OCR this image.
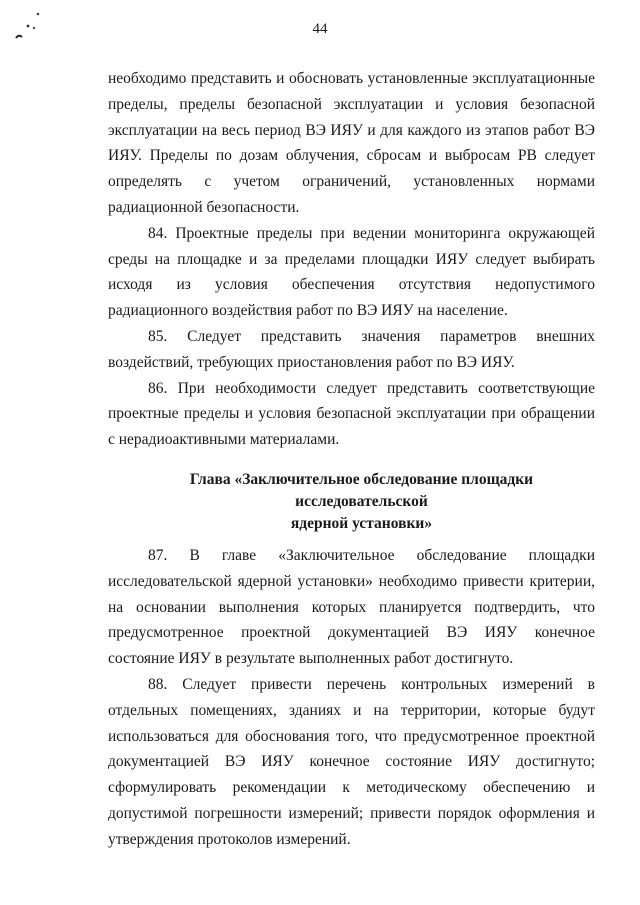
44

необходимо представить и обосновать установленные эксплуатационные пределы, пределы безопасной эксплуатации и условия безопасной эксплуатации на весь период ВЭ ИЯУ и для каждого из этапов работ ВЭ ИЯУ. Пределы по дозам облучения, сбросам и выбросам РВ следует определять с учетом ограничений, установленных нормами радиационной безопасности.

84. Проектные пределы при ведении мониторинга окружающей среды на площадке и за пределами площадки ИЯУ следует выбирать исходя из условия обеспечения отсутствия недопустимого радиационного воздействия работ по ВЭ ИЯУ на население.

85. Следует представить значения параметров внешних воздействий, требующих приостановления работ по ВЭ ИЯУ.

86. При необходимости следует представить соответствующие проектные пределы и условия безопасной эксплуатации при обращении с нерадиоактивными материалами.

Глава «Заключительное обследование площадки исследовательской
ядерной установки»

87. В главе «Заключительное обследование площадки исследовательской ядерной установки» необходимо привести критерии, на основании выполнения которых планируется подтвердить, что предусмотренное проектной документацией ВЭ ИЯУ конечное состояние ИЯУ в результате выполненных работ достигнуто.

88. Следует привести перечень контрольных измерений в отдельных помещениях, зданиях и на территории, которые будут использоваться для обоснования того, что предусмотренное проектной документацией ВЭ ИЯУ конечное состояние ИЯУ достигнуто; сформулировать рекомендации к методическому обеспечению и допустимой погрешности измерений; привести порядок оформления и утверждения протоколов измерений.
